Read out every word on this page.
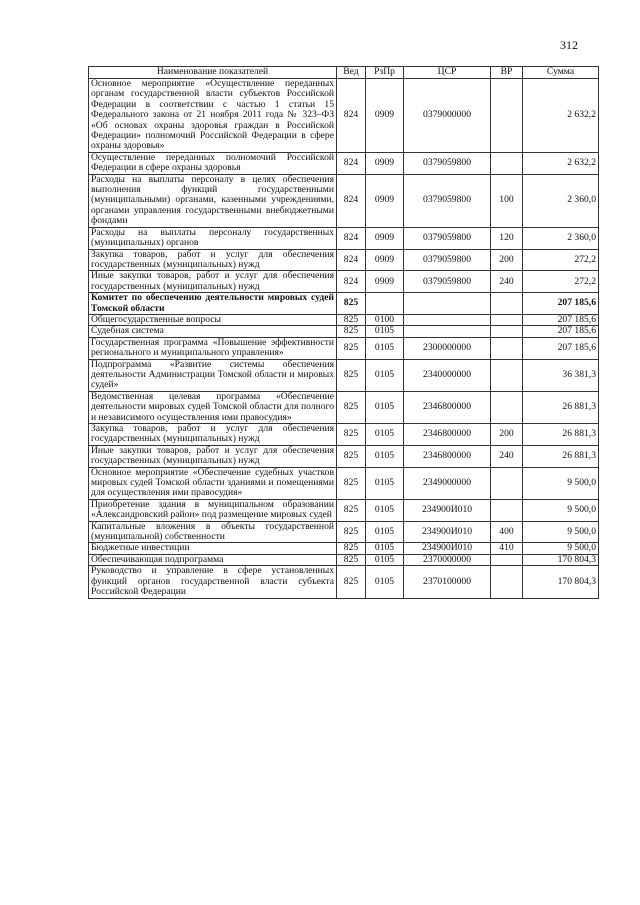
312
Наименование показателей	Вед	РзПр	ЦСР	ВР	Сумма
Основное мероприятие «Осуществление переданных органам государственной власти субъектов Российской Федерации в соответствии с частью 1 статьи 15 Федерального закона от 21 ноября 2011 года № 323–ФЗ «Об основах охраны здоровья граждан в Российской Федерации» полномочий Российской Федерации в сфере охраны здоровья»	824	0909	0379000000		2 632,2
Осуществление переданных полномочий Российской Федерации в сфере охраны здоровья	824	0909	0379059800		2 632,2
Расходы на выплаты персоналу в целях обеспечения выполнения функций государственными (муниципальными) органами, казенными учреждениями, органами управления государственными внебюджетными фондами	824	0909	0379059800	100	2 360,0
Расходы на выплаты персоналу государственных (муниципальных) органов	824	0909	0379059800	120	2 360,0
Закупка товаров, работ и услуг для обеспечения государственных (муниципальных) нужд	824	0909	0379059800	200	272,2
Иные закупки товаров, работ и услуг для обеспечения государственных (муниципальных) нужд	824	0909	0379059800	240	272,2
Комитет по обеспечению деятельности мировых судей Томской области	825				207 185,6
Общегосударственные вопросы	825	0100			207 185,6
Судебная система	825	0105			207 185,6
Государственная программа «Повышение эффективности регионального и муниципального управления»	825	0105	2300000000		207 185,6
Подпрограмма «Развитие системы обеспечения деятельности Администрации Томской области и мировых судей»	825	0105	2340000000		36 381,3
Ведомственная целевая программа «Обеспечение деятельности мировых судей Томской области для полного и независимого осуществления ими правосудия»	825	0105	2346800000		26 881,3
Закупка товаров, работ и услуг для обеспечения государственных (муниципальных) нужд	825	0105	2346800000	200	26 881,3
Иные закупки товаров, работ и услуг для обеспечения государственных (муниципальных) нужд	825	0105	2346800000	240	26 881,3
Основное мероприятие «Обеспечение судебных участков мировых судей Томской области зданиями и помещениями для осуществления ими правосудия»	825	0105	2349000000		9 500,0
Приобретение здания в муниципальном образовании «Александровский район» под размещение мировых судей	825	0105	234900И010		9 500,0
Капитальные вложения в объекты государственной (муниципальной) собственности	825	0105	234900И010	400	9 500,0
Бюджетные инвестиции	825	0105	234900И010	410	9 500,0
Обеспечивающая подпрограмма	825	0105	2370000000		170 804,3
Руководство и управление в сфере установленных функций органов государственной власти субъекта Российской Федерации	825	0105	2370100000		170 804,3
